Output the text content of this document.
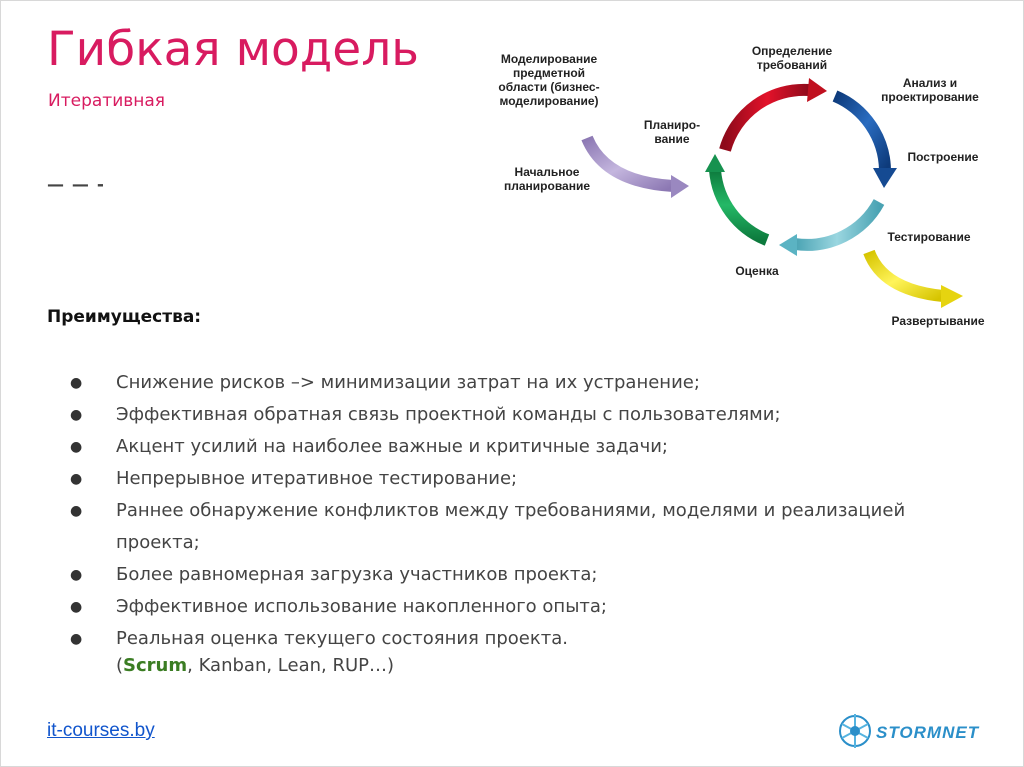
Гибкая модель
Итеративная
— — -
Моделирование
предметной
области (бизнес-
моделирование)
Начальное
планирование
Планиро-
вание
Определение
требований
Анализ и
проектирование
Построение
Тестирование
Оценка
Развертывание
Преимущества:
● Снижение рисков –> минимизации затрат на их устранение;
● Эффективная обратная связь проектной команды с пользователями;
● Акцент усилий на наиболее важные и критичные задачи;
● Непрерывное итеративное тестирование;
● Раннее обнаружение конфликтов между требованиями, моделями и реализацией проекта;
● Более равномерная загрузка участников проекта;
● Эффективное использование накопленного опыта;
● Реальная оценка текущего состояния проекта.
(Scrum, Kanban, Lean, RUP…)
it-courses.by	STORMNET
